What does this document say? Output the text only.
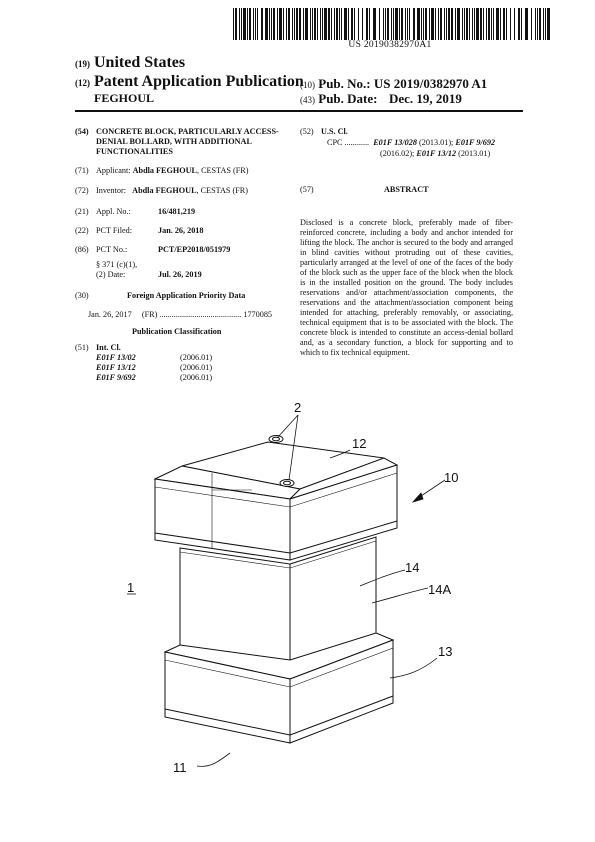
US 20190382970A1
(19) United States
(12) Patent Application Publication
FEGHOUL
(10) Pub. No.: US 2019/0382970 A1
(43) Pub. Date: Dec. 19, 2019
(54) CONCRETE BLOCK, PARTICULARLY ACCESS-DENIAL BOLLARD, WITH ADDITIONAL FUNCTIONALITIES
(71) Applicant: Abdla FEGHOUL, CESTAS (FR)
(72) Inventor: Abdla FEGHOUL, CESTAS (FR)
(21) Appl. No.:	16/481,219
(22) PCT Filed:	Jan. 26, 2018
(86) PCT No.:	PCT/EP2018/051979
§ 371 (c)(1),
(2) Date:	Jul. 26, 2019
(30)	Foreign Application Priority Data
Jan. 26, 2017 (FR) ........................................ 1770085
Publication Classification
(51) Int. Cl.
E01F 13/02	(2006.01)
E01F 13/12	(2006.01)
E01F 9/692	(2006.01)
(52) U.S. Cl.
CPC ............ E01F 13/028 (2013.01); E01F 9/692
(2016.02); E01F 13/12 (2013.01)
(57)	ABSTRACT
Disclosed is a concrete block, preferably made of fiber-reinforced concrete, including a body and anchor intended for lifting the block. The anchor is secured to the body and arranged in blind cavities without protruding out of these cavities, particularly arranged at the level of one of the faces of the body of the block such as the upper face of the block when the block is in the installed position on the ground. The body includes reservations and/or attachment/association components, the reservations and the attachment/association component being intended for attaching, preferably removably, or associating, technical equipment that is to be associated with the block. The concrete block is intended to constitute an access-denial bollard and, as a secondary function, a block for supporting and to which to fix technical equipment.
2
12
10
1
14
14A
13
11
